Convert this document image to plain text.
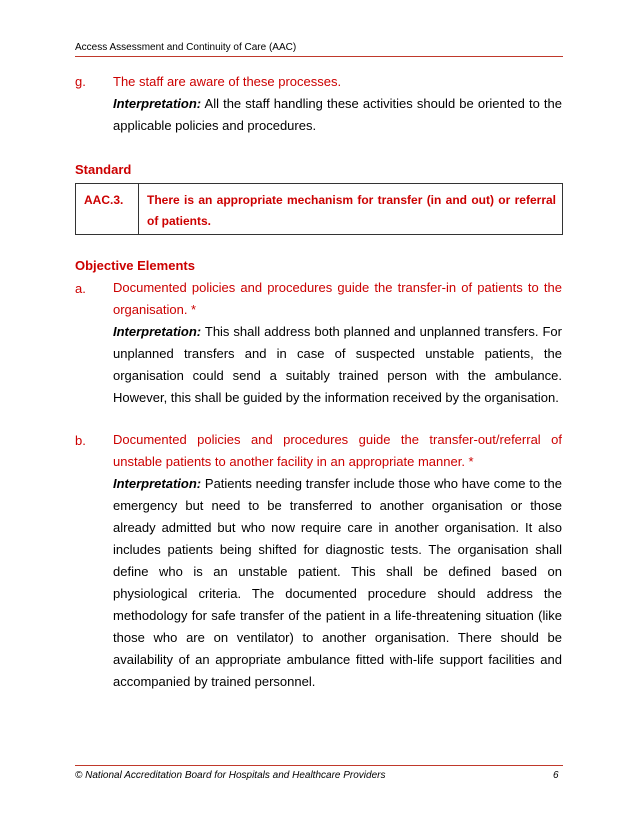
Access Assessment and Continuity of Care (AAC)
g. The staff are aware of these processes.

Interpretation: All the staff handling these activities should be oriented to the applicable policies and procedures.

Standard
AAC.3.	There is an appropriate mechanism for transfer (in and out) or referral of patients.
Objective Elements
a. Documented policies and procedures guide the transfer-in of patients to the organisation. *

Interpretation: This shall address both planned and unplanned transfers. For unplanned transfers and in case of suspected unstable patients, the organisation could send a suitably trained person with the ambulance. However, this shall be guided by the information received by the organisation.

b. Documented policies and procedures guide the transfer-out/referral of unstable patients to another facility in an appropriate manner. *

Interpretation: Patients needing transfer include those who have come to the emergency but need to be transferred to another organisation or those already admitted but who now require care in another organisation. It also includes patients being shifted for diagnostic tests. The organisation shall define who is an unstable patient. This shall be defined based on physiological criteria. The documented procedure should address the methodology for safe transfer of the patient in a life-threatening situation (like those who are on ventilator) to another organisation. There should be availability of an appropriate ambulance fitted with-life support facilities and accompanied by trained personnel.

© National Accreditation Board for Hospitals and Healthcare Providers	6
